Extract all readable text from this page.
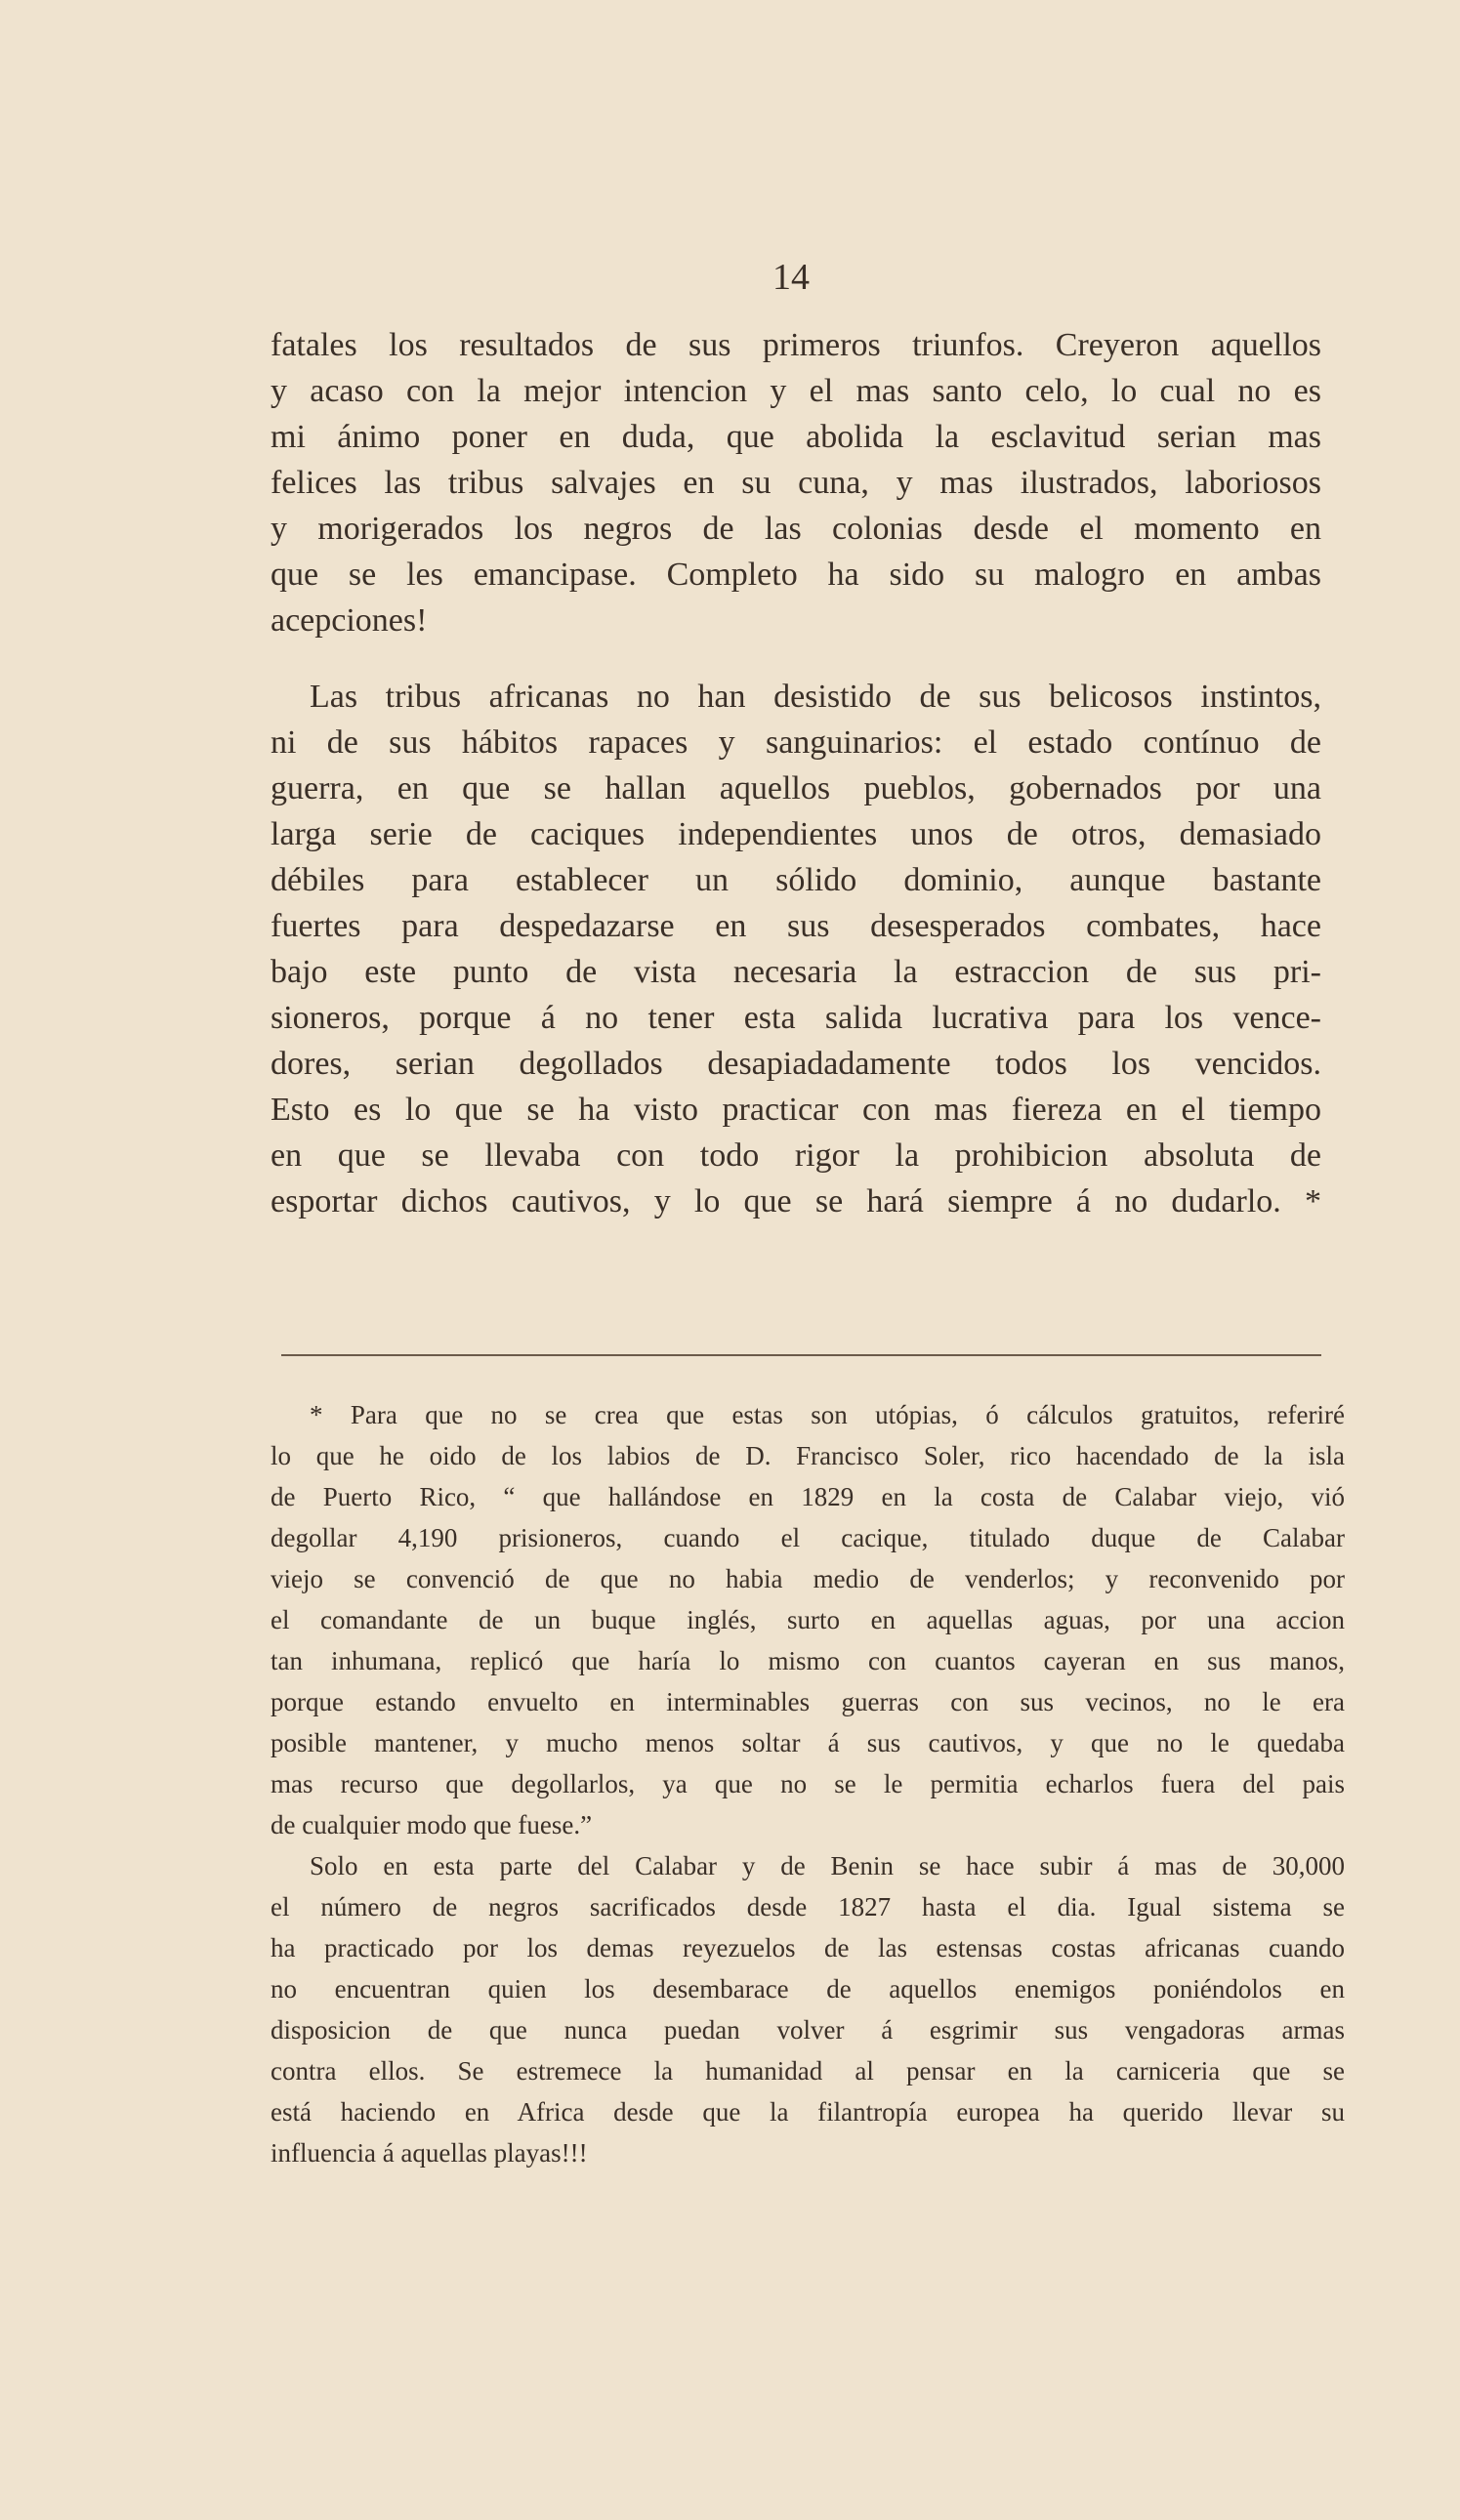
14
fatales los resultados de sus primeros triunfos. Creyeron aquellos
y acaso con la mejor intencion y el mas santo celo, lo cual no es
mi ánimo poner en duda, que abolida la esclavitud serian mas
felices las tribus salvajes en su cuna, y mas ilustrados, laboriosos
y morigerados los negros de las colonias desde el momento en
que se les emancipase. Completo ha sido su malogro en ambas
acepciones!
Las tribus africanas no han desistido de sus belicosos instintos,
ni de sus hábitos rapaces y sanguinarios: el estado contínuo de
guerra, en que se hallan aquellos pueblos, gobernados por una
larga serie de caciques independientes unos de otros, demasiado
débiles para establecer un sólido dominio, aunque bastante
fuertes para despedazarse en sus desesperados combates, hace
bajo este punto de vista necesaria la estraccion de sus pri-
sioneros, porque á no tener esta salida lucrativa para los vence-
dores, serian degollados desapiadadamente todos los vencidos.
Esto es lo que se ha visto practicar con mas fiereza en el tiempo
en que se llevaba con todo rigor la prohibicion absoluta de
esportar dichos cautivos, y lo que se hará siempre á no dudarlo. *
* Para que no se crea que estas son utópias, ó cálculos gratuitos, referiré
lo que he oido de los labios de D. Francisco Soler, rico hacendado de la isla
de Puerto Rico, “ que hallándose en 1829 en la costa de Calabar viejo, vió
degollar 4,190 prisioneros, cuando el cacique, titulado duque de Calabar
viejo se convenció de que no habia medio de venderlos; y reconvenido por
el comandante de un buque inglés, surto en aquellas aguas, por una accion
tan inhumana, replicó que haría lo mismo con cuantos cayeran en sus manos,
porque estando envuelto en interminables guerras con sus vecinos, no le era
posible mantener, y mucho menos soltar á sus cautivos, y que no le quedaba
mas recurso que degollarlos, ya que no se le permitia echarlos fuera del pais
de cualquier modo que fuese.”
Solo en esta parte del Calabar y de Benin se hace subir á mas de 30,000
el número de negros sacrificados desde 1827 hasta el dia. Igual sistema se
ha practicado por los demas reyezuelos de las estensas costas africanas cuando
no encuentran quien los desembarace de aquellos enemigos poniéndolos en
disposicion de que nunca puedan volver á esgrimir sus vengadoras armas
contra ellos. Se estremece la humanidad al pensar en la carniceria que se
está haciendo en Africa desde que la filantropía europea ha querido llevar su
influencia á aquellas playas!!!
